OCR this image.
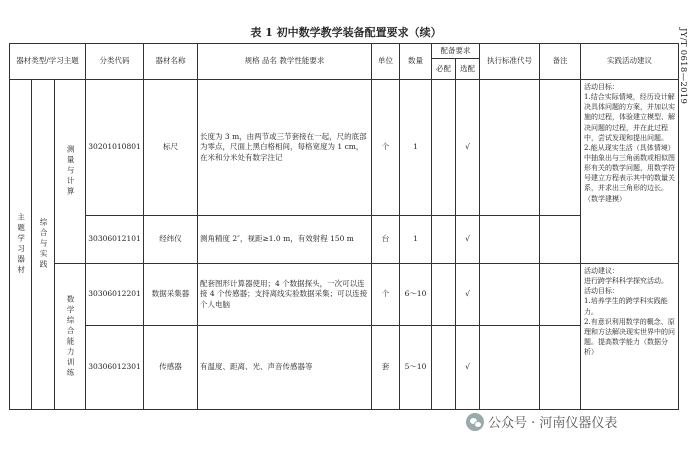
表 1 初中数学教学装备配置要求（续）	JY/T 0618—2019
器材类型/学习主题			分类代码	器材名称	规格 品名 教学性能要求	单位	数量	配备要求		执行标准代号	备注	实践活动建议
								必配	选配			

主题学习器材	综合与实践	测量与计算	30201010801	标尺	长度为 3 m，由两节或三节套接在一起，尺的底部为零点，尺面上黑白格相间，每格宽度为 1 cm，在米和分米处有数字注记	个	1		√			活动目标：
1.结合实际情境，经历设计解决具体问题的方案，并加以实施的过程，体验建立模型、解决问题的过程，并在此过程中，尝试发现和提出问题。
2.能从现实生活（具体情境）中抽象出与三角函数或相似图形有关的数学问题，用数学符号建立方程表示其中的数量关系，并求出三角形的边长。（数学建模）

			30306012101	经纬仪	测角精度 2″，视距≥1.0 m，有效射程 150 m	台	1		√			

		数学综合能力训练	30306012201	数据采集器	配套图形计算器使用；4 个数据探头，一次可以连接 4 个传感器；支持离线实验数据采集；可以连接个人电脑	个	6～10		√			活动建议：
进行跨学科科学探究活动。
活动目标：
1.培养学生的跨学科实践能力。
2.有意识利用数学的概念、原理和方法解决现实世界中的问题。提高数学能力（数据分析）

			30306012301	传感器	有温度、距离、光、声音传感器等	套	5～10		√			
公众号 · 河南仪器仪表
